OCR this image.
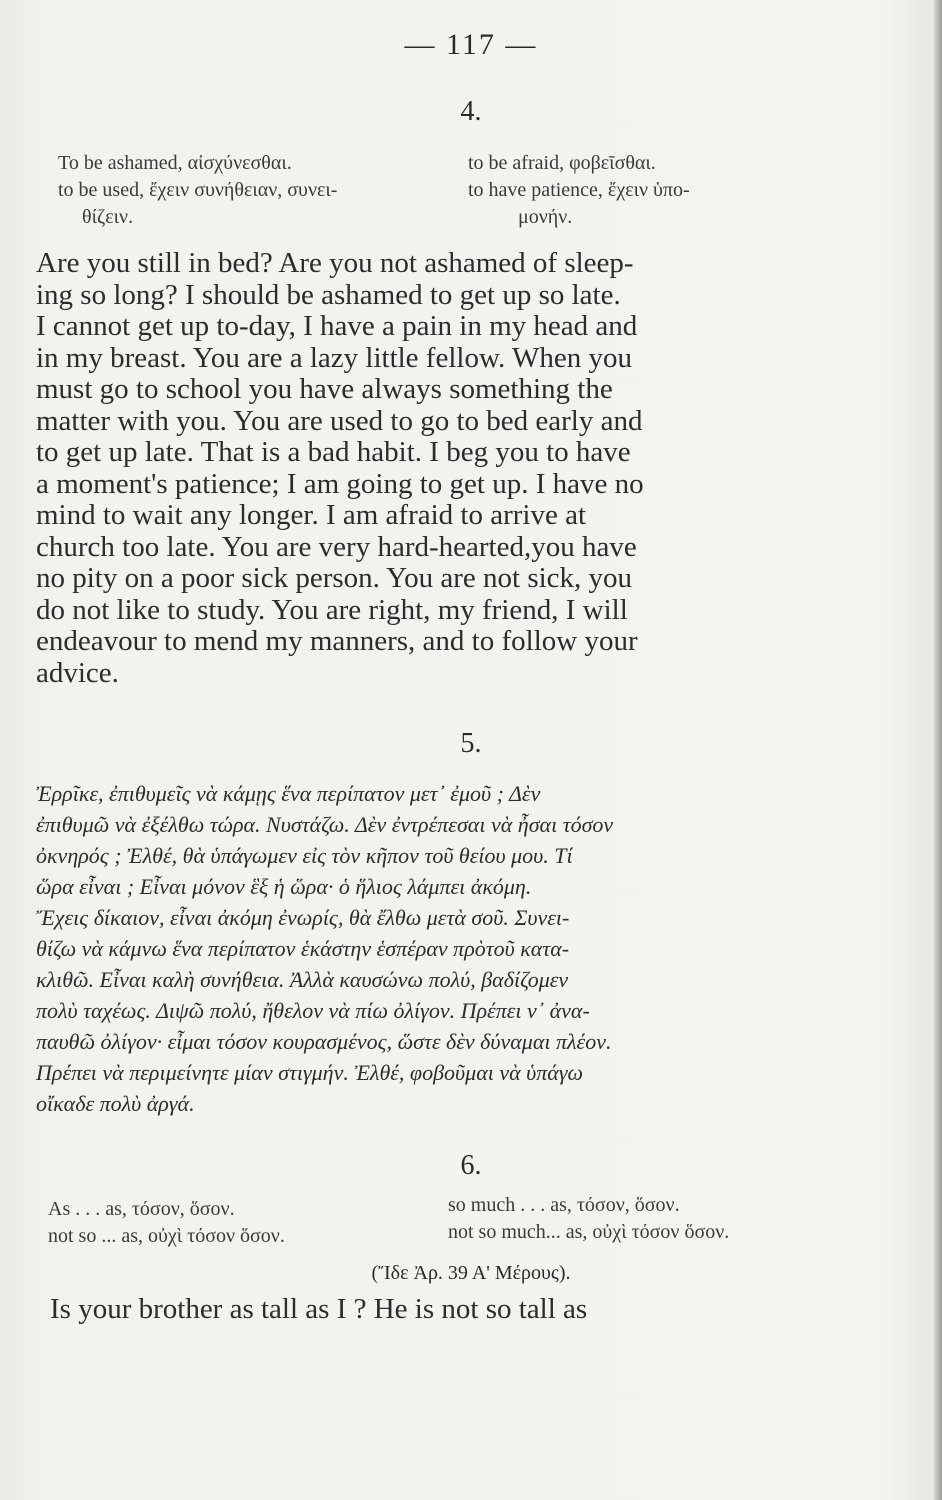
— 117 —
4.
To be ashamed, αἰσχύνεσθαι.
to be used, ἔχειν συνήθειαν, συνει-
θίζειν.
to be afraid, φοβεῖσθαι.
to have patience, ἔχειν ὑπο-
μονήν.
Are you still in bed? Are you not ashamed of sleep-
ing so long? I should be ashamed to get up so late.
I cannot get up to-day, I have a pain in my head and
in my breast. You are a lazy little fellow. When you
must go to school you have always something the
matter with you. You are used to go to bed early and
to get up late. That is a bad habit. I beg you to have
a moment's patience; I am going to get up. I have no
mind to wait any longer. I am afraid to arrive at
church too late. You are very hard-hearted,you have
no pity on a poor sick person. You are not sick, you
do not like to study. You are right, my friend, I will
endeavour to mend my manners, and to follow your
advice.
5.
Ἐρρῖκε, ἐπιθυμεῖς νὰ κάμῃς ἕνα περίπατον μετ᾽ ἐμοῦ ; Δὲν
ἐπιθυμῶ νὰ ἐξέλθω τώρα. Νυστάζω. Δὲν ἐντρέπεσαι νὰ ἦσαι τόσον
ὀκνηρός ; Ἐλθέ, θὰ ὑπάγωμεν εἰς τὸν κῆπον τοῦ θείου μου. Τί
ὥρα εἶναι ; Εἶναι μόνον ἓξ ἡ ὥρα· ὁ ἥλιος λάμπει ἀκόμη.
Ἔχεις δίκαιον, εἶναι ἀκόμη ἐνωρίς, θὰ ἔλθω μετὰ σοῦ. Συνει-
θίζω νὰ κάμνω ἕνα περίπατον ἑκάστην ἑσπέραν πρὸτοῦ κατα-
κλιθῶ. Εἶναι καλὴ συνήθεια. Ἀλλὰ καυσώνω πολύ, βαδίζομεν
πολὺ ταχέως. Διψῶ πολύ, ἤθελον νὰ πίω ὀλίγον. Πρέπει ν᾽ ἀνα-
παυθῶ ὀλίγον· εἶμαι τόσον κουρασμένος, ὥστε δὲν δύναμαι πλέον.
Πρέπει νὰ περιμείνητε μίαν στιγμήν. Ἐλθέ, φοβοῦμαι νὰ ὑπάγω
οἴκαδε πολὺ ἀργά.
6.
As . . . as, τόσον, ὅσον.
not so ... as, οὐχὶ τόσον ὅσον.
so much . . . as, τόσον, ὅσον.
not so much... as, οὐχὶ τόσον ὅσον.
(Ἴδε Ἀρ. 39 Α' Μέρους).
Is your brother as tall as I ? He is not so tall as
